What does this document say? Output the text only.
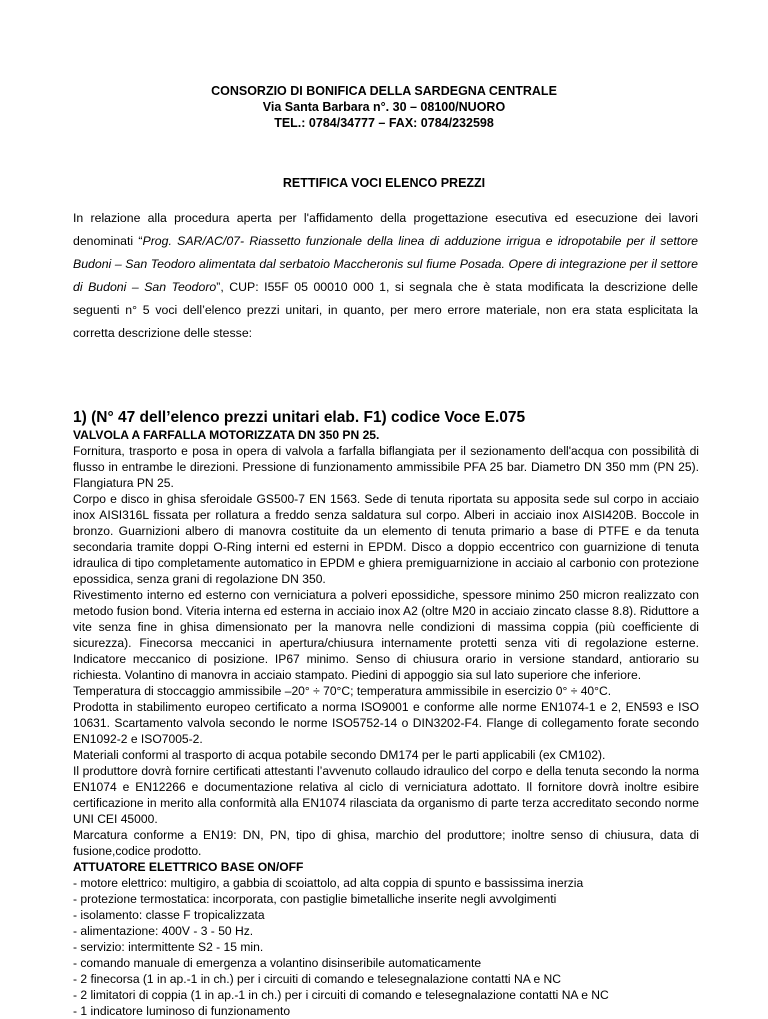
CONSORZIO DI BONIFICA DELLA SARDEGNA CENTRALE
Via Santa Barbara n°. 30 – 08100/NUORO
TEL.: 0784/34777 – FAX: 0784/232598
RETTIFICA VOCI ELENCO PREZZI
In relazione alla procedura aperta per l'affidamento della progettazione esecutiva ed esecuzione dei lavori denominati “Prog. SAR/AC/07- Riassetto funzionale della linea di adduzione irrigua e idropotabile per il settore Budoni – San Teodoro alimentata dal serbatoio Maccheronis sul fiume Posada. Opere di integrazione per il settore di Budoni – San Teodoro”, CUP: I55F 05 00010 000 1, si segnala che è stata modificata la descrizione delle seguenti n° 5 voci dell’elenco prezzi unitari, in quanto, per mero errore materiale, non era stata esplicitata la corretta descrizione delle stesse:
1) (N° 47 dell’elenco prezzi unitari elab. F1) codice Voce E.075

VALVOLA A FARFALLA MOTORIZZATA DN 350 PN 25.

Fornitura, trasporto e posa in opera di valvola a farfalla biflangiata per il sezionamento dell'acqua con possibilità di flusso in entrambe le direzioni. Pressione di funzionamento ammissibile PFA 25 bar. Diametro DN 350 mm (PN 25). Flangiatura PN 25.

Corpo e disco in ghisa sferoidale GS500-7 EN 1563. Sede di tenuta riportata su apposita sede sul corpo in acciaio inox AISI316L fissata per rollatura a freddo senza saldatura sul corpo. Alberi in acciaio inox AISI420B. Boccole in bronzo. Guarnizioni albero di manovra costituite da un elemento di tenuta primario a base di PTFE e da tenuta secondaria tramite doppi O-Ring interni ed esterni in EPDM. Disco a doppio eccentrico con guarnizione di tenuta idraulica di tipo completamente automatico in EPDM e ghiera premiguarnizione in acciaio al carbonio con protezione epossidica, senza grani di regolazione DN 350.

Rivestimento interno ed esterno con verniciatura a polveri epossidiche, spessore minimo 250 micron realizzato con metodo fusion bond. Viteria interna ed esterna in acciaio inox A2 (oltre M20 in acciaio zincato classe 8.8). Riduttore a vite senza fine in ghisa dimensionato per la manovra nelle condizioni di massima coppia (più coefficiente di sicurezza). Finecorsa meccanici in apertura/chiusura internamente protetti senza viti di regolazione esterne. Indicatore meccanico di posizione. IP67 minimo. Senso di chiusura orario in versione standard, antiorario su richiesta. Volantino di manovra in acciaio stampato. Piedini di appoggio sia sul lato superiore che inferiore.

Temperatura di stoccaggio ammissibile –20° ÷ 70°C; temperatura ammissibile in esercizio 0° ÷ 40°C.

Prodotta in stabilimento europeo certificato a norma ISO9001 e conforme alle norme EN1074-1 e 2, EN593 e ISO 10631. Scartamento valvola secondo le norme ISO5752-14 o DIN3202-F4. Flange di collegamento forate secondo EN1092-2 e ISO7005-2.

Materiali conformi al trasporto di acqua potabile secondo DM174 per le parti applicabili (ex CM102).

Il produttore dovrà fornire certificati attestanti l’avvenuto collaudo idraulico del corpo e della tenuta secondo la norma EN1074 e EN12266 e documentazione relativa al ciclo di verniciatura adottato. Il fornitore dovrà inoltre esibire certificazione in merito alla conformità alla EN1074 rilasciata da organismo di parte terza accreditato secondo norme UNI CEI 45000.

Marcatura conforme a EN19: DN, PN, tipo di ghisa, marchio del produttore; inoltre senso di chiusura, data di fusione,codice prodotto.

ATTUATORE ELETTRICO BASE ON/OFF

- motore elettrico: multigiro, a gabbia di scoiattolo, ad alta coppia di spunto e bassissima inerzia

- protezione termostatica: incorporata, con pastiglie bimetalliche inserite negli avvolgimenti

- isolamento: classe F tropicalizzata

- alimentazione: 400V - 3 - 50 Hz.

- servizio: intermittente S2 - 15 min.

- comando manuale di emergenza a volantino disinseribile automaticamente

- 2 finecorsa (1 in ap.-1 in ch.) per i circuiti di comando e telesegnalazione contatti NA e NC

- 2 limitatori di coppia (1 in ap.-1 in ch.) per i circuiti di comando e telesegnalazione contatti NA e NC

- 1 indicatore luminoso di funzionamento
